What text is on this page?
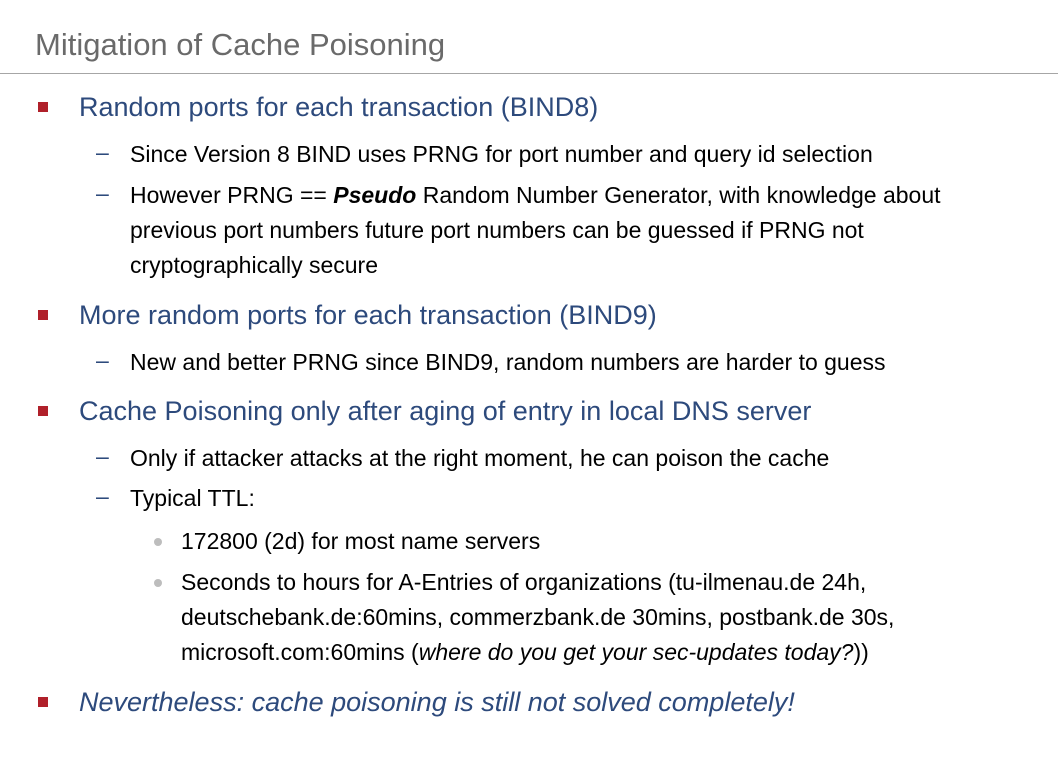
Mitigation of Cache Poisoning
Random ports for each transaction (BIND8)
– Since Version 8 BIND uses PRNG for port number and query id selection
– However PRNG == Pseudo Random Number Generator, with knowledge about
previous port numbers future port numbers can be guessed if PRNG not
cryptographically secure
More random ports for each transaction (BIND9)
– New and better PRNG since BIND9, random numbers are harder to guess
Cache Poisoning only after aging of entry in local DNS server
– Only if attacker attacks at the right moment, he can poison the cache
– Typical TTL:
172800 (2d) for most name servers
Seconds to hours for A-Entries of organizations (tu-ilmenau.de 24h,
deutschebank.de:60mins, commerzbank.de 30mins, postbank.de 30s,
microsoft.com:60mins (where do you get your sec-updates today?))
Nevertheless: cache poisoning is still not solved completely!
